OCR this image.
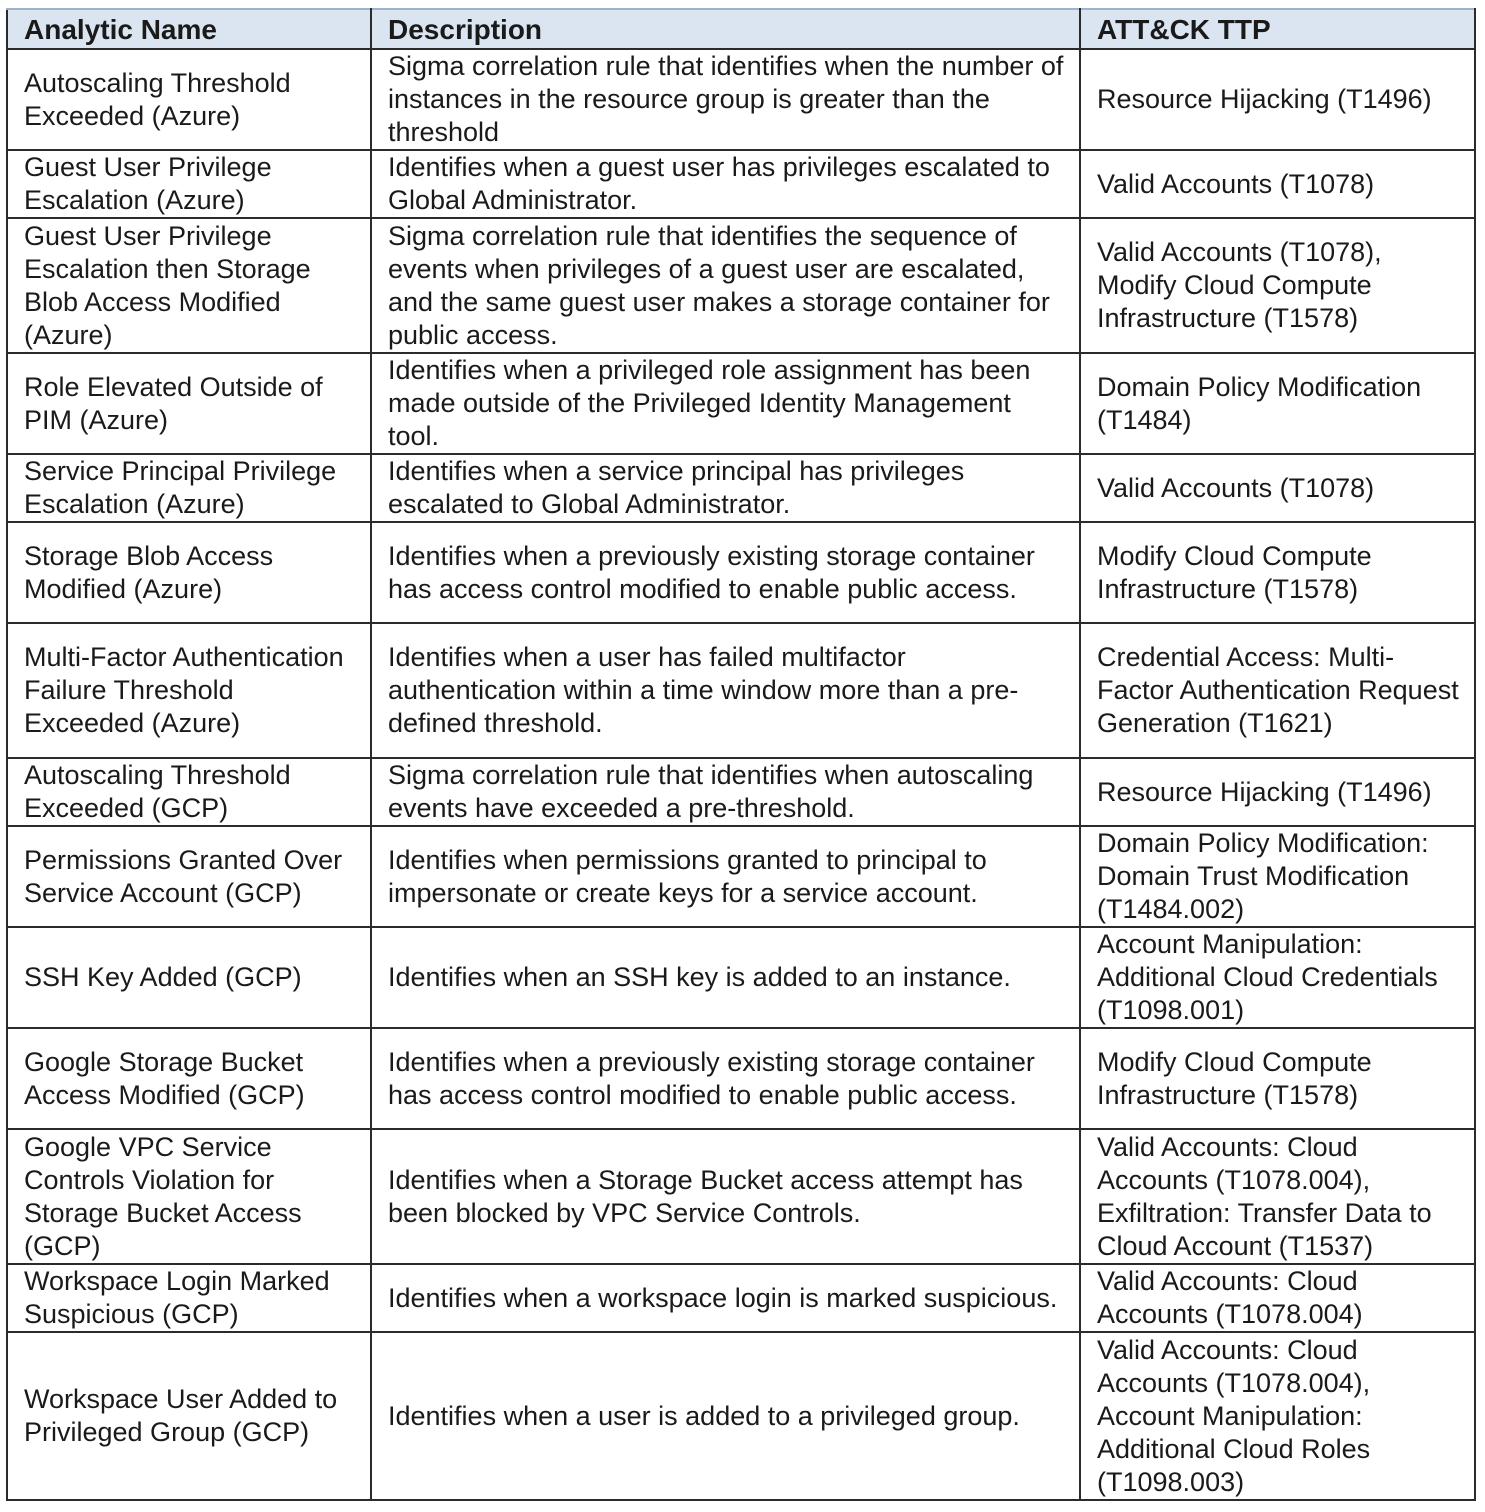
Analytic Name	Description	ATT&CK TTP
Autoscaling Threshold Exceeded (Azure)	Sigma correlation rule that identifies when the number of instances in the resource group is greater than the threshold	Resource Hijacking (T1496)
Guest User Privilege Escalation (Azure)	Identifies when a guest user has privileges escalated to Global Administrator.	Valid Accounts (T1078)
Guest User Privilege Escalation then Storage Blob Access Modified (Azure)	Sigma correlation rule that identifies the sequence of events when privileges of a guest user are escalated, and the same guest user makes a storage container for public access.	Valid Accounts (T1078), Modify Cloud Compute Infrastructure (T1578)
Role Elevated Outside of PIM (Azure)	Identifies when a privileged role assignment has been made outside of the Privileged Identity Management tool.	Domain Policy Modification (T1484)
Service Principal Privilege Escalation (Azure)	Identifies when a service principal has privileges escalated to Global Administrator.	Valid Accounts (T1078)
Storage Blob Access Modified (Azure)	Identifies when a previously existing storage container has access control modified to enable public access.	Modify Cloud Compute Infrastructure (T1578)
Multi-Factor Authentication Failure Threshold Exceeded (Azure)	Identifies when a user has failed multifactor authentication within a time window more than a pre-defined threshold.	Credential Access: Multi-Factor Authentication Request Generation (T1621)
Autoscaling Threshold Exceeded (GCP)	Sigma correlation rule that identifies when autoscaling events have exceeded a pre-threshold.	Resource Hijacking (T1496)
Permissions Granted Over Service Account (GCP)	Identifies when permissions granted to principal to impersonate or create keys for a service account.	Domain Policy Modification: Domain Trust Modification (T1484.002)
SSH Key Added (GCP)	Identifies when an SSH key is added to an instance.	Account Manipulation: Additional Cloud Credentials (T1098.001)
Google Storage Bucket Access Modified (GCP)	Identifies when a previously existing storage container has access control modified to enable public access.	Modify Cloud Compute Infrastructure (T1578)
Google VPC Service Controls Violation for Storage Bucket Access (GCP)	Identifies when a Storage Bucket access attempt has been blocked by VPC Service Controls.	Valid Accounts: Cloud Accounts (T1078.004), Exfiltration: Transfer Data to Cloud Account (T1537)
Workspace Login Marked Suspicious (GCP)	Identifies when a workspace login is marked suspicious.	Valid Accounts: Cloud Accounts (T1078.004)
Workspace User Added to Privileged Group (GCP)	Identifies when a user is added to a privileged group.	Valid Accounts: Cloud Accounts (T1078.004), Account Manipulation: Additional Cloud Roles (T1098.003)
